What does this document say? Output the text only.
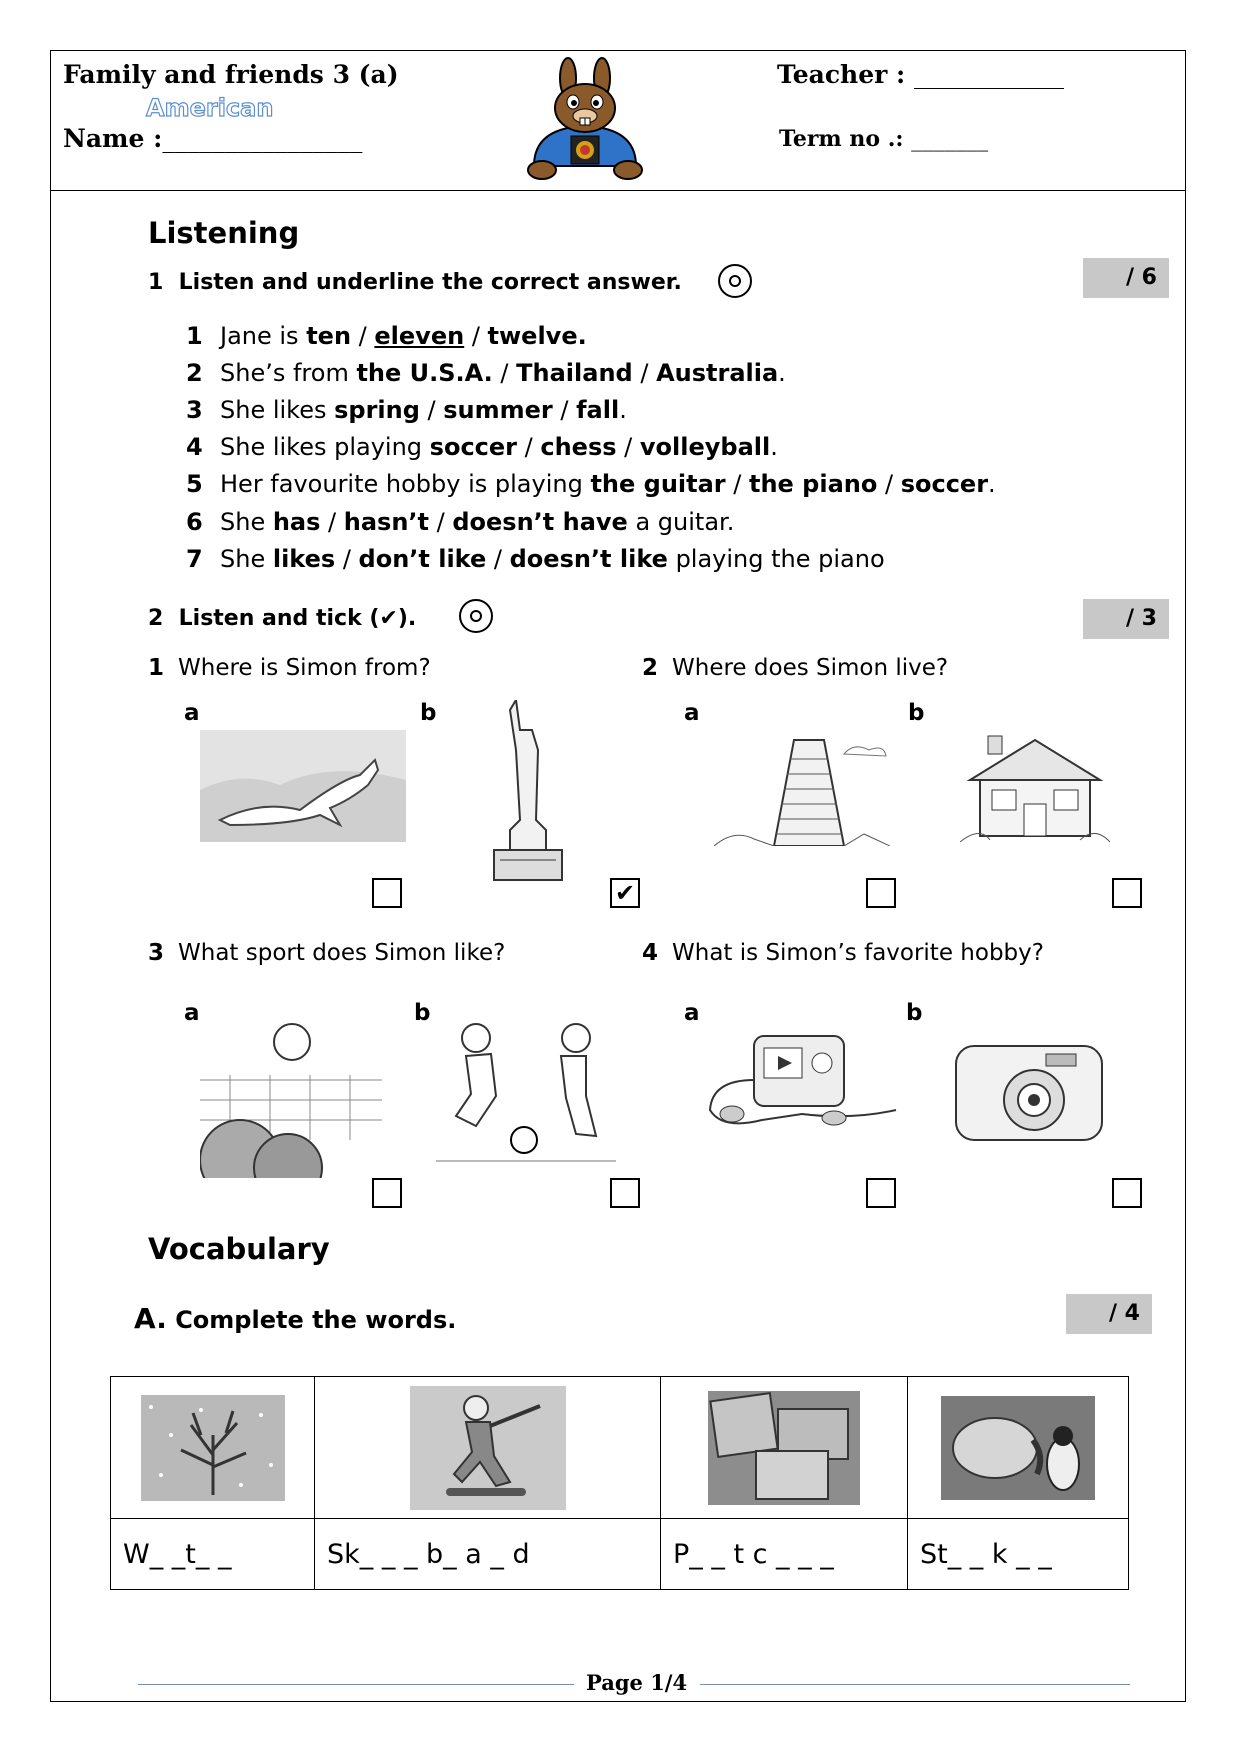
Family and friends 3 (a)
American
Name :________________
Teacher : ____________
Term no .: _______
Listening
1 Listen and underline the correct answer.	/ 6
1 Jane is ten / eleven / twelve.
2 She’s from the U.S.A. / Thailand / Australia.
3 She likes spring / summer / fall.
4 She likes playing soccer / chess / volleyball.
5 Her favourite hobby is playing the guitar / the piano / soccer.
6 She has / hasn’t / doesn’t have a guitar.
7 She likes / don’t like / doesn’t like playing the piano
2 Listen and tick (✔).	/ 3
1 Where is Simon from?	2 Where does Simon live?
3 What sport does Simon like?	4 What is Simon’s favorite hobby?
a	b	a	b
a	b	a	b
✔
Vocabulary
A. Complete the words.	/ 4

W_ _t_ _	Sk_ _ _ b_ a _ d	P_ _ t c _ _ _	St_ _ k _ _
Page 1/4
